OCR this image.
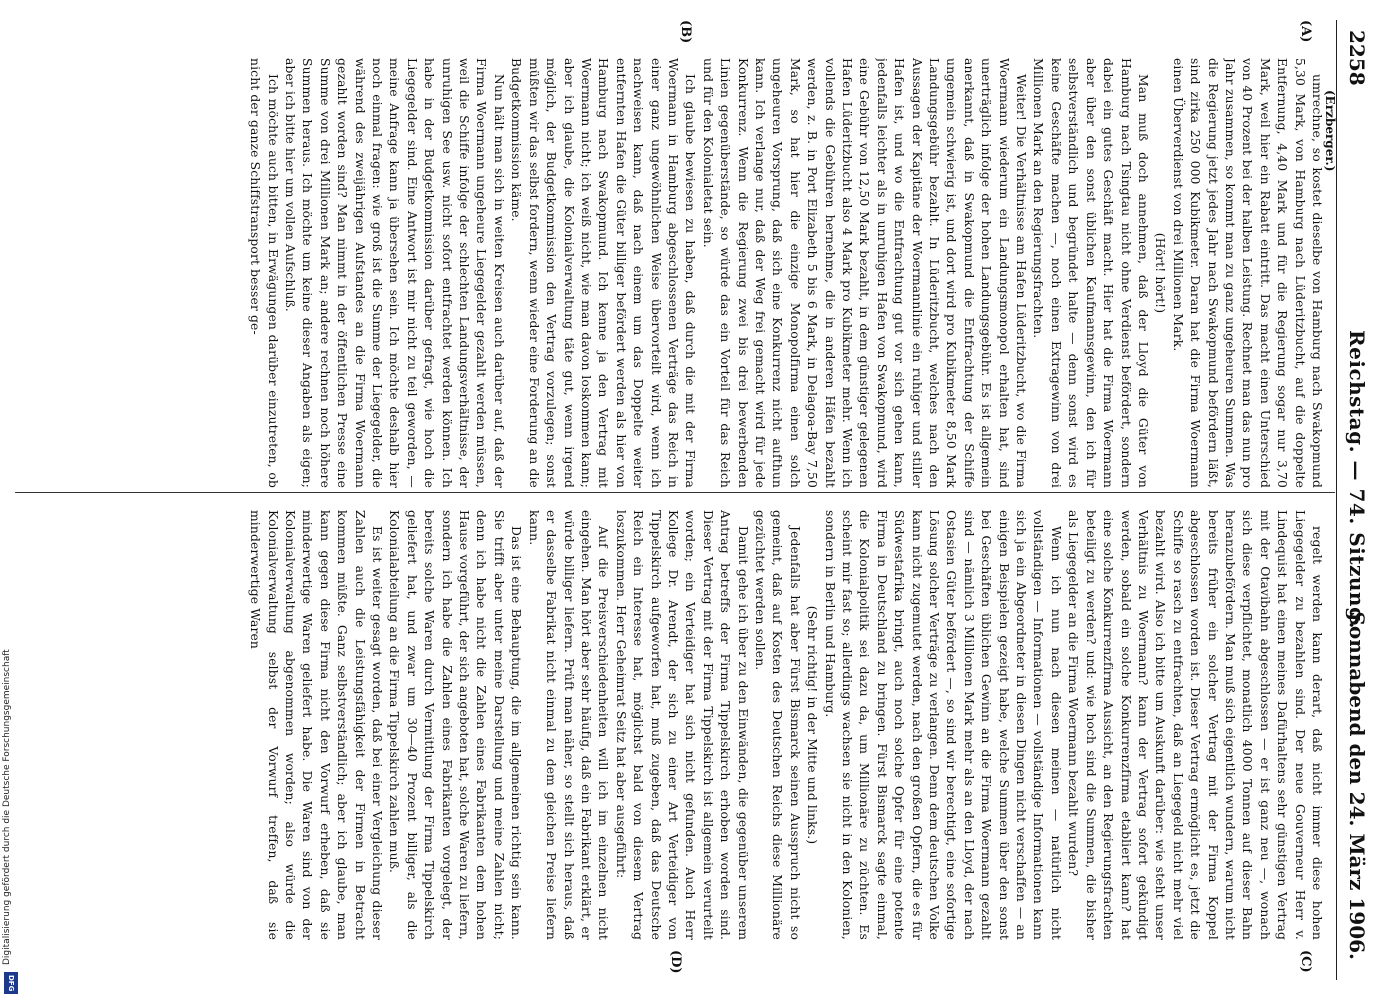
Digitalisierung gefördert durch die Deutsche Forschungsgemeinschaft
DFG
2258
Reichstag. — 74. Sitzung.
Sonnabend den 24. März 1906.
(Erzberger.)
(A)
(B)
(C)
(D)

umrechne, so kostet dieselbe von Hamburg nach Swakopmund 5,30 Mark, von Hamburg nach Lüderitzbucht, auf die doppelte Entfernung, 4,40 Mark und für die Regierung sogar nur 3,70 Mark, weil hier ein Rabatt eintritt. Das macht einen Unterschied von 40 Prozent bei der halben Leistung. Rechnet man das nun pro Jahr zusammen, so kommt man zu ganz ungeheuren Summen. Was die Regierung jetzt jedes Jahr nach Swakopmund befördern läßt, sind zirka 250 000 Kubikmeter. Daran hat die Firma Woermann einen Überverdienst von drei Millionen Mark.

(Hört! hört!)

Man muß doch annehmen, daß der Lloyd die Güter von Hamburg nach Tsingtau nicht ohne Verdienst befördert, sondern dabei ein gutes Geschäft macht. Hier hat die Firma Woermann aber über den sonst üblichen Kaufmannsgewinn, den ich für selbstverständlich und begründet halte — denn sonst wird es keine Geschäfte machen —, noch einen Extragewinn von drei Millionen Mark an den Regierungsfrachten.

Weiter! Die Verhältnisse am Hafen Lüderitzbucht, wo die Firma Woermann wiederum ein Landungsmonopol erhalten hat, sind unerträglich infolge der hohen Landungsgebühr. Es ist allgemein anerkannt, daß in Swakopmund die Entfrachtung der Schiffe ungemein schwierig ist, und dort wird pro Kubikmeter 8,50 Mark Landungsgebühr bezahlt. In Lüderitzbucht, welches nach den Aussagen der Kapitäne der Woermannlinie ein ruhiger und stiller Hafen ist, und wo die Entfrachtung gut vor sich gehen kann, jedenfalls leichter als in unruhigen Hafen von Swakopmund, wird eine Gebühr von 12,50 Mark bezahlt, in dem günstiger gelegenen Hafen Lüderitzbucht also 4 Mark pro Kubikmeter mehr. Wenn ich vollends die Gebühren hernehme, die in anderen Häfen bezahlt werden, z. B. in Port Elizabeth 5 bis 6 Mark, in Delagoa-Bay 7,50 Mark, so hat hier die einzige Monopolfirma einen solch ungeheuren Vorsprung, daß sich eine Konkurrenz nicht aufthun kann. Ich verlange nur, daß der Weg frei gemacht wird für jede Konkurrenz. Wenn die Regierung zwei bis drei bewerbenden Linien gegenüberstände, so würde das ein Vorteil für das Reich und für den Kolonialetat sein.

Ich glaube bewiesen zu haben, daß durch die mit der Firma Woermann in Hamburg abgeschlossenen Verträge das Reich in einer ganz ungewöhnlichen Weise übervorteilt wird, wenn ich nachweisen kann, daß nach einem um das Doppelte weiter entfernten Hafen die Güter billiger befördert werden als hier von Hamburg nach Swakopmund. Ich kenne ja den Vertrag mit Woermann nicht; ich weiß nicht, wie man davon loskommen kann; aber ich glaube, die Kolonialverwaltung täte gut, wenn irgend möglich, der Budgetkommission den Vertrag vorzulegen; sonst müßten wir das selbst fordern, wenn wieder eine Forderung an die Budgetkommission käme.

Nun hält man sich in weiten Kreisen auch darüber auf, daß der Firma Woermann ungeheure Liegegelder gezahlt werden müssen, weil die Schiffe infolge der schlechten Landungsverhältnisse, der unruhigen See usw. nicht sofort entfrachtet werden können. Ich habe in der Budgetkommission darüber gefragt, wie hoch die Liegegelder sind. Eine Antwort ist mir nicht zu teil geworden, — meine Anfrage kann ja übersehen sein. Ich möchte deshalb hier noch einmal fragen: wie groß ist die Summe der Liegegelder, die während des zweijährigen Aufstandes an die Firma Woermann gezahlt worden sind? Man nimmt in der öffentlichen Presse eine Summe von drei Millionen Mark an; andere rechnen noch höhere Summen heraus. Ich möchte um keine dieser Angaben als eigen; aber ich bitte hier um vollen Aufschluß.

Ich möchte auch bitten, in Erwägungen darüber einzutreten, ob nicht der ganze Schiffstransport besser ge-

regelt werden kann derart, daß nicht immer diese hohen Liegegelder zu bezahlen sind. Der neue Gouverneur Herr v. Lindequist hat einen meines Dafürhaltens sehr günstigen Vertrag mit der Otavibahn abgeschlossen — er ist ganz neu —, wonach sich diese verpflichtet, monatlich 4000 Tonnen auf dieser Bahn heranzubefördern. Man muß sich eigentlich wundern, warum nicht bereits früher ein solcher Vertrag mit der Firma Koppel abgeschlossen worden ist. Dieser Vertrag ermöglicht es, jetzt die Schiffe so rasch zu entfrachten, daß an Liegegeld nicht mehr viel bezahlt wird. Also ich bitte um Auskunft darüber: wie steht unser Verhältnis zu Woermann? kann der Vertrag sofort gekündigt werden, sobald ein solche Konkurrenzfirma etabliert kann? hat eine solche Konkurrenzfirma Aussicht, an den Regierungsfrachten beteiligt zu werden? und: wie hoch sind die Summen, die bisher als Liegegelder an die Firma Woermann bezahlt wurden?

Wenn ich nun nach diesen meinen — natürlich nicht vollständigen — Informationen — vollständige Informationen kann sich ja ein Abgeordneter in diesen Dingen nicht verschaffen — an einigen Beispielen gezeigt habe, welche Summen über den sonst bei Geschäften üblichen Gewinn an die Firma Woermann gezahlt sind — nämlich 3 Millionen Mark mehr als an den Lloyd, der nach Ostasien Güter befördert —, so sind wir berechtigt, eine sofortige Lösung solcher Verträge zu verlangen. Denn dem deutschen Volke kann nicht zugemutet werden, nach den großen Opfern, die es für Südwestafrika bringt, auch noch solche Opfer für eine potente Firma in Deutschland zu bringen. Fürst Bismarck sagte einmal, die Kolonialpolitik sei dazu da, um Millionäre zu züchten. Es scheint mir fast so; allerdings wachsen sie nicht in den Kolonien, sondern in Berlin und Hamburg.

(Sehr richtig! in der Mitte und links.)

Jedenfalls hat aber Fürst Bismarck seinen Ausspruch nicht so gemeint, daß auf Kosten des Deutschen Reichs diese Millionäre gezüchtet werden sollen.

Damit gehe ich über zu den Einwänden, die gegenüber unserem Antrag betreffs der Firma Tippelskirch erhoben worden sind. Dieser Vertrag mit der Firma Tippelskirch ist allgemein verurteilt worden; ein Verteidiger hat sich nicht gefunden. Auch Herr Kollege Dr. Arendt, der sich zu einer Art Verteidiger von Tippelskirch aufgeworfen hat, muß zugeben, daß das Deutsche Reich ein Interesse hat, möglichst bald von diesem Vertrag loszukommen. Herr Geheimrat Seitz hat aber ausgeführt:

Auf die Preisverschiedenheiten will ich im einzelnen nicht eingehen. Man hört aber sehr häufig, daß ein Fabrikant erklärt, er würde billiger liefern. Prüft man näher, so stellt sich heraus, daß er dasselbe Fabrikat nicht einmal zu dem gleichen Preise liefern kann.

Das ist eine Behauptung, die im allgemeinen richtig sein kann. Sie trifft aber unter meine Darstellung und meine Zahlen nicht; denn ich habe nicht die Zahlen eines Fabrikanten dem hohen Hause vorgeführt, der sich angeboten hat, solche Waren zu liefern, sondern ich habe die Zahlen eines Fabrikanten vorgelegt, der bereits solche Waren durch Vermittlung der Firma Tippelskirch geliefert hat, und zwar um 30—40 Prozent billiger, als die Kolonialabteilung an die Firma Tippelskirch zahlen muß.

Es ist weiter gesagt worden, daß bei einer Vergleichung dieser Zahlen auch die Leistungsfähigkeit der Firmen in Betracht kommen müßte. Ganz selbstverständlich; aber ich glaube, man kann gegen diese Firma nicht den Vorwurf erheben, daß sie minderwertige Waren geliefert habe. Die Waren sind von der Kolonialverwaltung abgenommen worden; also würde die Kolonialverwaltung selbst der Vorwurf treffen, daß sie minderwertige Waren
